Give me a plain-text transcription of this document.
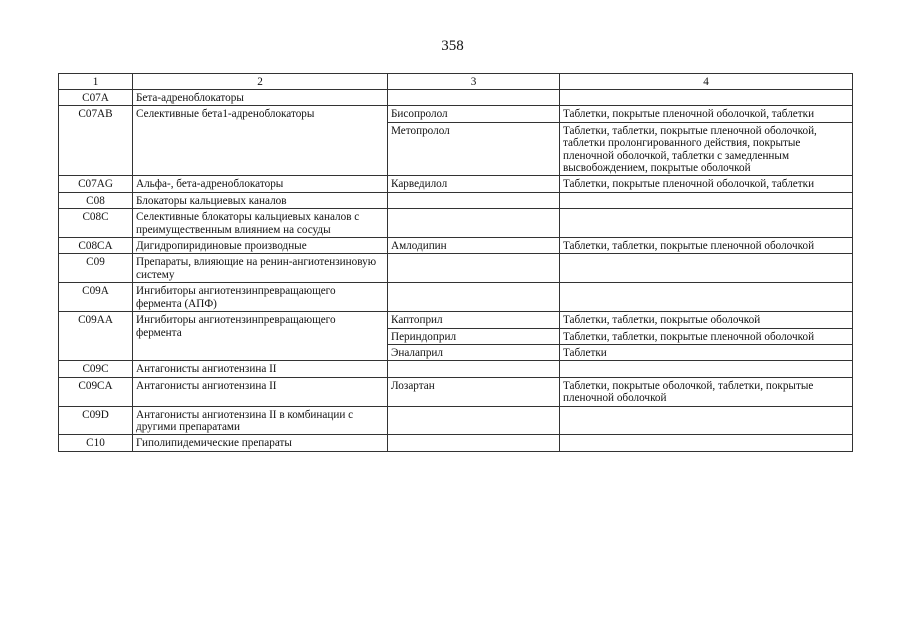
358
1	2	3	4
C07A	Бета-адреноблокаторы		
C07AB	Селективные бета1-адреноблокаторы	Бисопролол	Таблетки, покрытые пленочной оболочкой, таблетки
		Метопролол	Таблетки, таблетки, покрытые пленочной оболочкой, таблетки пролонгированного действия, покрытые пленочной оболочкой, таблетки с замедленным высвобождением, покрытые оболочкой
C07AG	Альфа-, бета-адреноблокаторы	Карведилол	Таблетки, покрытые пленочной оболочкой, таблетки
C08	Блокаторы кальциевых каналов		
C08C	Селективные блокаторы кальциевых каналов с преимущественным влиянием на сосуды		
C08CA	Дигидропиридиновые производные	Амлодипин	Таблетки, таблетки, покрытые пленочной оболочкой
C09	Препараты, влияющие на ренин-ангиотензиновую систему		
C09A	Ингибиторы ангиотензинпревращающего фермента (АПФ)		
C09AA	Ингибиторы ангиотензинпревращающего фермента	Каптоприл	Таблетки, таблетки, покрытые оболочкой
		Периндоприл	Таблетки, таблетки, покрытые пленочной оболочкой
		Эналаприл	Таблетки
C09C	Антагонисты ангиотензина II		
C09CA	Антагонисты ангиотензина II	Лозартан	Таблетки, покрытые оболочкой, таблетки, покрытые пленочной оболочкой
C09D	Антагонисты ангиотензина II в комбинации с другими препаратами		
C10	Гиполипидемические препараты		
